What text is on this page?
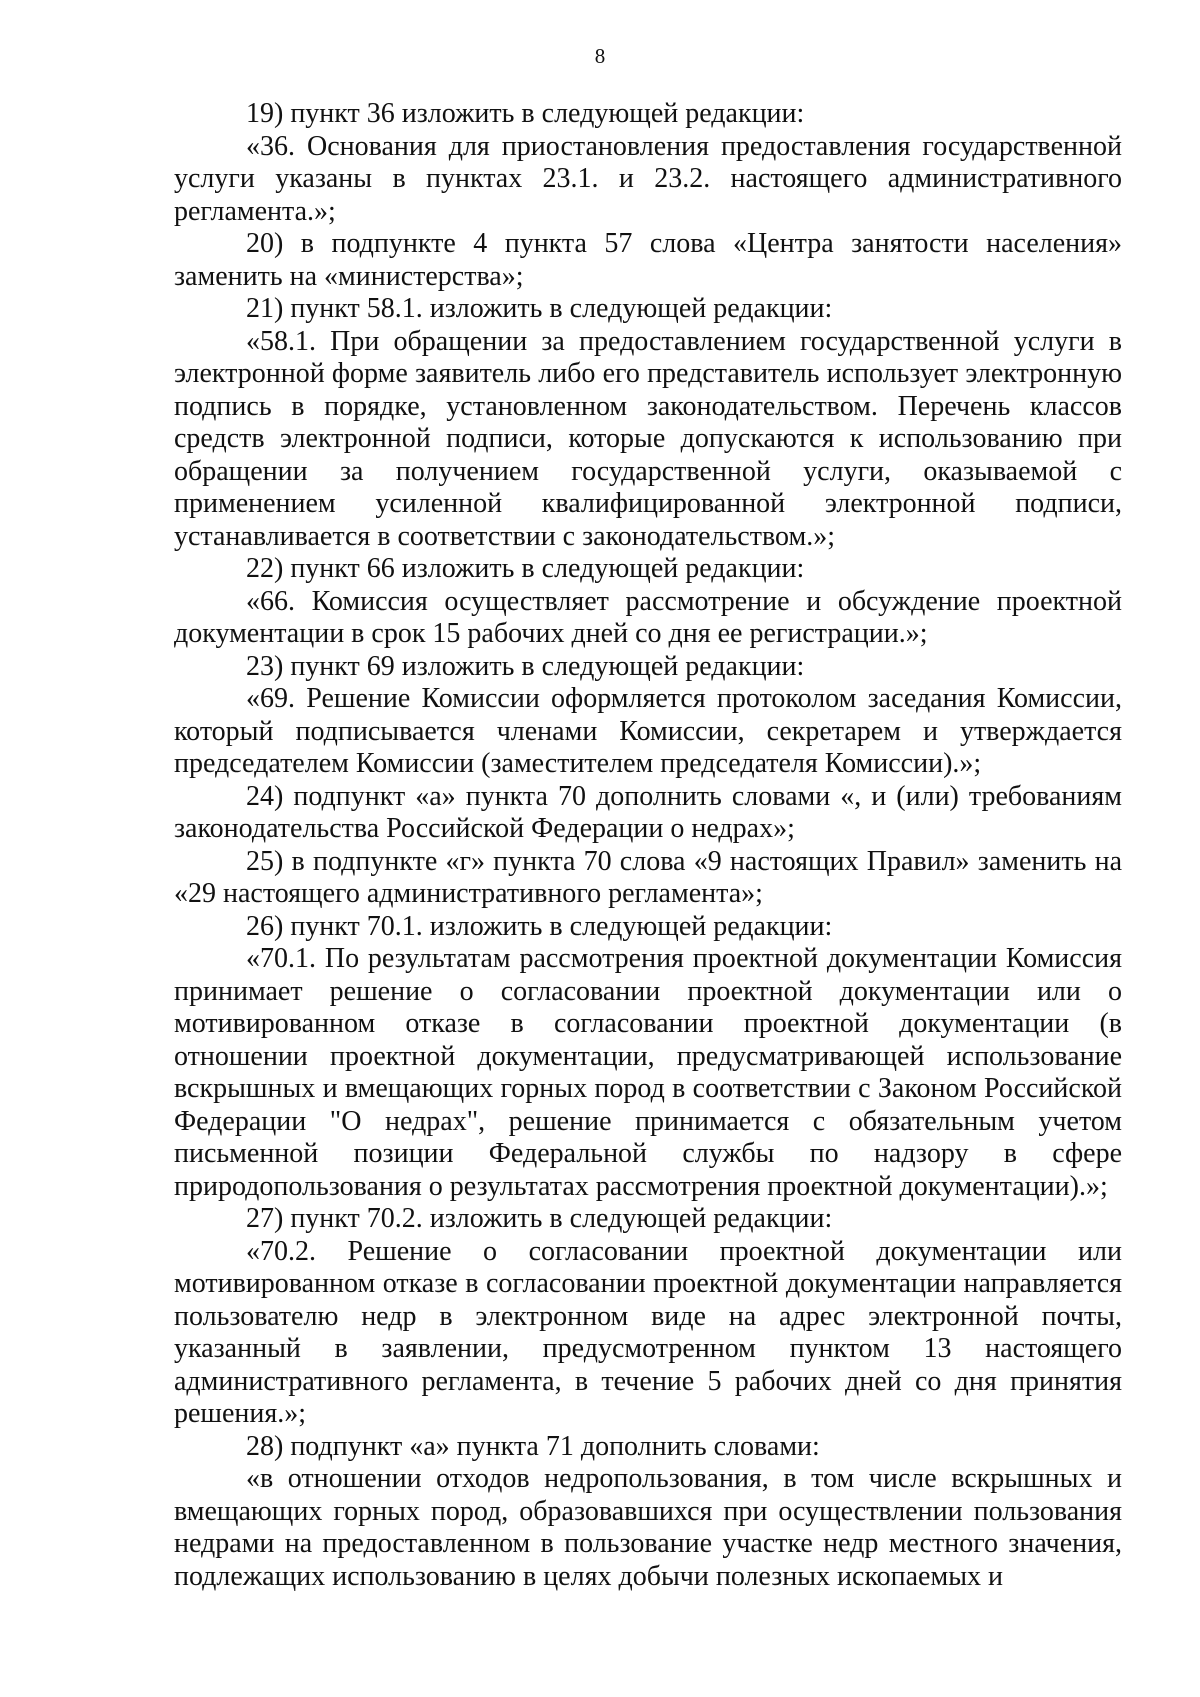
8

19) пункт 36 изложить в следующей редакции:

«36. Основания для приостановления предоставления государственной услуги указаны в пунктах 23.1. и 23.2. настоящего административного регламента.»;

20) в подпункте 4 пункта 57 слова «Центра занятости населения» заменить на «министерства»;

21) пункт 58.1. изложить в следующей редакции:

«58.1. При обращении за предоставлением государственной услуги в электронной форме заявитель либо его представитель использует электронную подпись в порядке, установленном законодательством. Перечень классов средств электронной подписи, которые допускаются к использованию при обращении за получением государственной услуги, оказываемой с применением усиленной квалифицированной электронной подписи, устанавливается в соответствии с законодательством.»;

22) пункт 66 изложить в следующей редакции:

«66. Комиссия осуществляет рассмотрение и обсуждение проектной документации в срок 15 рабочих дней со дня ее регистрации.»;

23) пункт 69 изложить в следующей редакции:

«69. Решение Комиссии оформляется протоколом заседания Комиссии, который подписывается членами Комиссии, секретарем и утверждается председателем Комиссии (заместителем председателя Комиссии).»;

24) подпункт «а» пункта 70 дополнить словами «, и (или) требованиям законодательства Российской Федерации о недрах»;

25) в подпункте «г» пункта 70 слова «9 настоящих Правил» заменить на «29 настоящего административного регламента»;

26) пункт 70.1. изложить в следующей редакции:

«70.1. По результатам рассмотрения проектной документации Комиссия принимает решение о согласовании проектной документации или о мотивированном отказе в согласовании проектной документации (в отношении проектной документации, предусматривающей использование вскрышных и вмещающих горных пород в соответствии с Законом Российской Федерации "О недрах", решение принимается с обязательным учетом письменной позиции Федеральной службы по надзору в сфере природопользования о результатах рассмотрения проектной документации).»;

27) пункт 70.2. изложить в следующей редакции:

«70.2. Решение о согласовании проектной документации или мотивированном отказе в согласовании проектной документации направляется пользователю недр в электронном виде на адрес электронной почты, указанный в заявлении, предусмотренном пунктом 13 настоящего административного регламента, в течение 5 рабочих дней со дня принятия решения.»;

28) подпункт «а» пункта 71 дополнить словами:

«в отношении отходов недропользования, в том числе вскрышных и вмещающих горных пород, образовавшихся при осуществлении пользования недрами на предоставленном в пользование участке недр местного значения, подлежащих использованию в целях добычи полезных ископаемых и
